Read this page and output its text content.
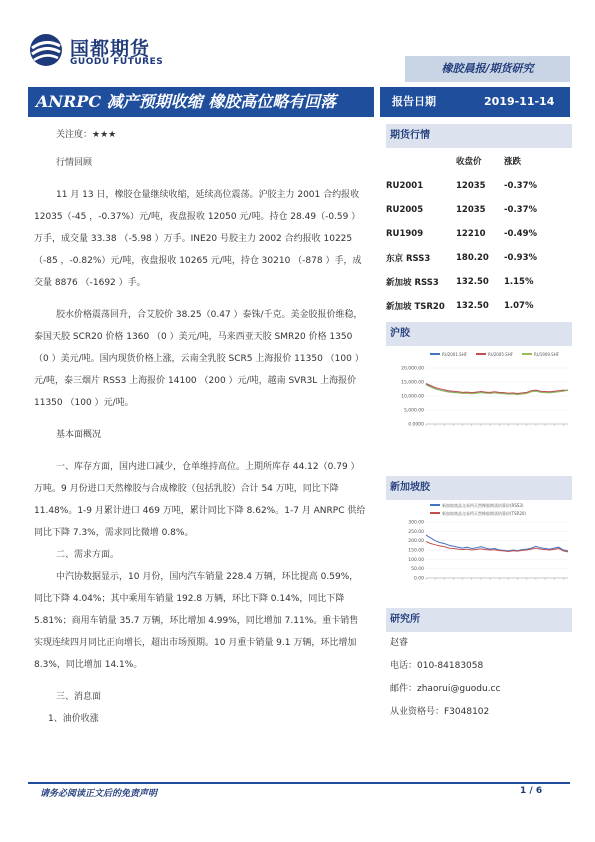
国都期货
GUODU FUTURES	橡胶晨报/期货研究
ANRPC 减产预期收缩 橡胶高位略有回落	报告日期	2019-11-14

关注度：★★★

行情回顾

11 月 13 日，橡胶仓量继续收缩，延续高位震荡。沪胶主力 2001 合约报收 12035（-45 ，-0.37%）元/吨，夜盘报收 12050 元/吨。持仓 28.49（-0.59 ）万手，成交量 33.38 （-5.98 ）万手。INE20 号胶主力 2002 合约报收 10225 （-85 ，-0.82%）元/吨，夜盘报收 10265 元/吨，持仓 30210 （-878 ）手，成交量 8876 （-1692 ）手。

胶水价格震荡回升，合艾胶价 38.25（0.47 ）泰铢/千克。美金胶报价维稳，泰国天胶 SCR20 价格 1360 （0 ）美元/吨，马来西亚天胶 SMR20 价格 1350 （0 ）美元/吨。国内现货价格上涨，云南全乳胶 SCR5 上海报价 11350 （100 ）元/吨，泰三烟片 RSS3 上海报价 14100 （200 ）元/吨，越南 SVR3L 上海报价 11350 （100 ）元/吨。

基本面概况

一、库存方面，国内进口减少，仓单维持高位。上期所库存 44.12（0.79 ）万吨。9 月份进口天然橡胶与合成橡胶（包括乳胶）合计 54 万吨，同比下降 11.48%。1-9 月累计进口 469 万吨，累计同比下降 8.62%。1-7 月 ANRPC 供给同比下降 7.3%，需求同比微增 0.8%。

二、需求方面。

中汽协数据显示，10 月份，国内汽车销量 228.4 万辆，环比提高 0.59%，同比下降 4.04%；其中乘用车销量 192.8 万辆，环比下降 0.14%，同比下降 5.81%；商用车销量 35.7 万辆，环比增加 4.99%，同比增加 7.11%。重卡销售实现连续四月同比正向增长，超出市场预期。10 月重卡销量 9.1 万辆，环比增加 8.3%，同比增加 14.1%。

三、消息面

1、油价收涨

期货行情
	收盘价	涨跌
RU2001	12035	-0.37%
RU2005	12035	-0.37%
RU1909	12210	-0.49%
东京 RSS3	180.20	-0.93%
新加坡 RSS3	132.50	1.15%
新加坡 TSR20	132.50	1.07%
沪胶
RU2001.SHF	RU2005.SHF	RU1909.SHF
20,000.00
15,000.00
10,000.00
5,000.00
0.0000
新加坡胶
新加坡商品交易所天然橡胶期货结算价(RSS3)
新加坡商品交易所天然橡胶期货结算价(TSR20)
300.00
250.00
200.00
150.00
100.00
50.00
0.00
研究所
赵睿
电话：010-84183058
邮件：zhaorui@guodu.cc
从业资格号：F3048102
请务必阅读正文后的免责声明	1 / 6
